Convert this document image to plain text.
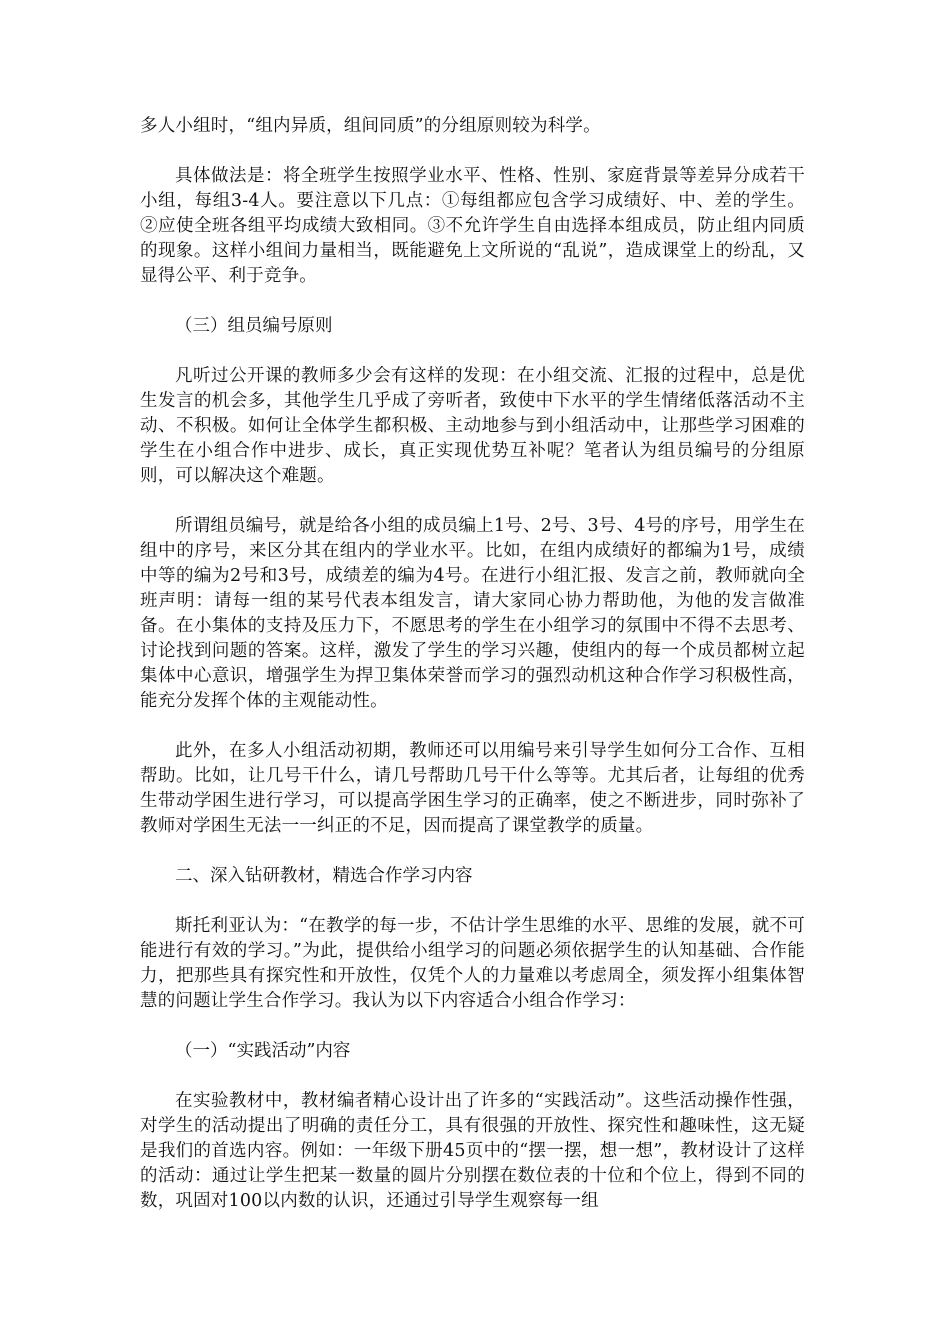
多人小组时，“组内异质，组间同质”的分组原则较为科学。

具体做法是：将全班学生按照学业水平、性格、性别、家庭背景等差异分成若干小组，每组3-4人。要注意以下几点：①每组都应包含学习成绩好、中、差的学生。②应使全班各组平均成绩大致相同。③不允许学生自由选择本组成员，防止组内同质的现象。这样小组间力量相当，既能避免上文所说的“乱说”，造成课堂上的纷乱，又显得公平、利于竞争。

（三）组员编号原则

凡听过公开课的教师多少会有这样的发现：在小组交流、汇报的过程中，总是优生发言的机会多，其他学生几乎成了旁听者，致使中下水平的学生情绪低落活动不主动、不积极。如何让全体学生都积极、主动地参与到小组活动中，让那些学习困难的学生在小组合作中进步、成长，真正实现优势互补呢？笔者认为组员编号的分组原则，可以解决这个难题。

所谓组员编号，就是给各小组的成员编上1号、2号、3号、4号的序号，用学生在组中的序号，来区分其在组内的学业水平。比如，在组内成绩好的都编为1号，成绩中等的编为2号和3号，成绩差的编为4号。在进行小组汇报、发言之前，教师就向全班声明：请每一组的某号代表本组发言，请大家同心协力帮助他，为他的发言做准备。在小集体的支持及压力下，不愿思考的学生在小组学习的氛围中不得不去思考、讨论找到问题的答案。这样，激发了学生的学习兴趣，使组内的每一个成员都树立起集体中心意识，增强学生为捍卫集体荣誉而学习的强烈动机这种合作学习积极性高，能充分发挥个体的主观能动性。

此外，在多人小组活动初期，教师还可以用编号来引导学生如何分工合作、互相帮助。比如，让几号干什么，请几号帮助几号干什么等等。尤其后者，让每组的优秀生带动学困生进行学习，可以提高学困生学习的正确率，使之不断进步，同时弥补了教师对学困生无法一一纠正的不足，因而提高了课堂教学的质量。

二、深入钻研教材，精选合作学习内容

斯托利亚认为：“在教学的每一步，不估计学生思维的水平、思维的发展，就不可能进行有效的学习。”为此，提供给小组学习的问题必须依据学生的认知基础、合作能力，把那些具有探究性和开放性，仅凭个人的力量难以考虑周全，须发挥小组集体智慧的问题让学生合作学习。我认为以下内容适合小组合作学习：

（一）“实践活动”内容

在实验教材中，教材编者精心设计出了许多的“实践活动”。这些活动操作性强，对学生的活动提出了明确的责任分工，具有很强的开放性、探究性和趣味性，这无疑是我们的首选内容。例如：一年级下册45页中的“摆一摆，想一想”，教材设计了这样的活动：通过让学生把某一数量的圆片分别摆在数位表的十位和个位上，得到不同的数，巩固对100以内数的认识，还通过引导学生观察每一组
